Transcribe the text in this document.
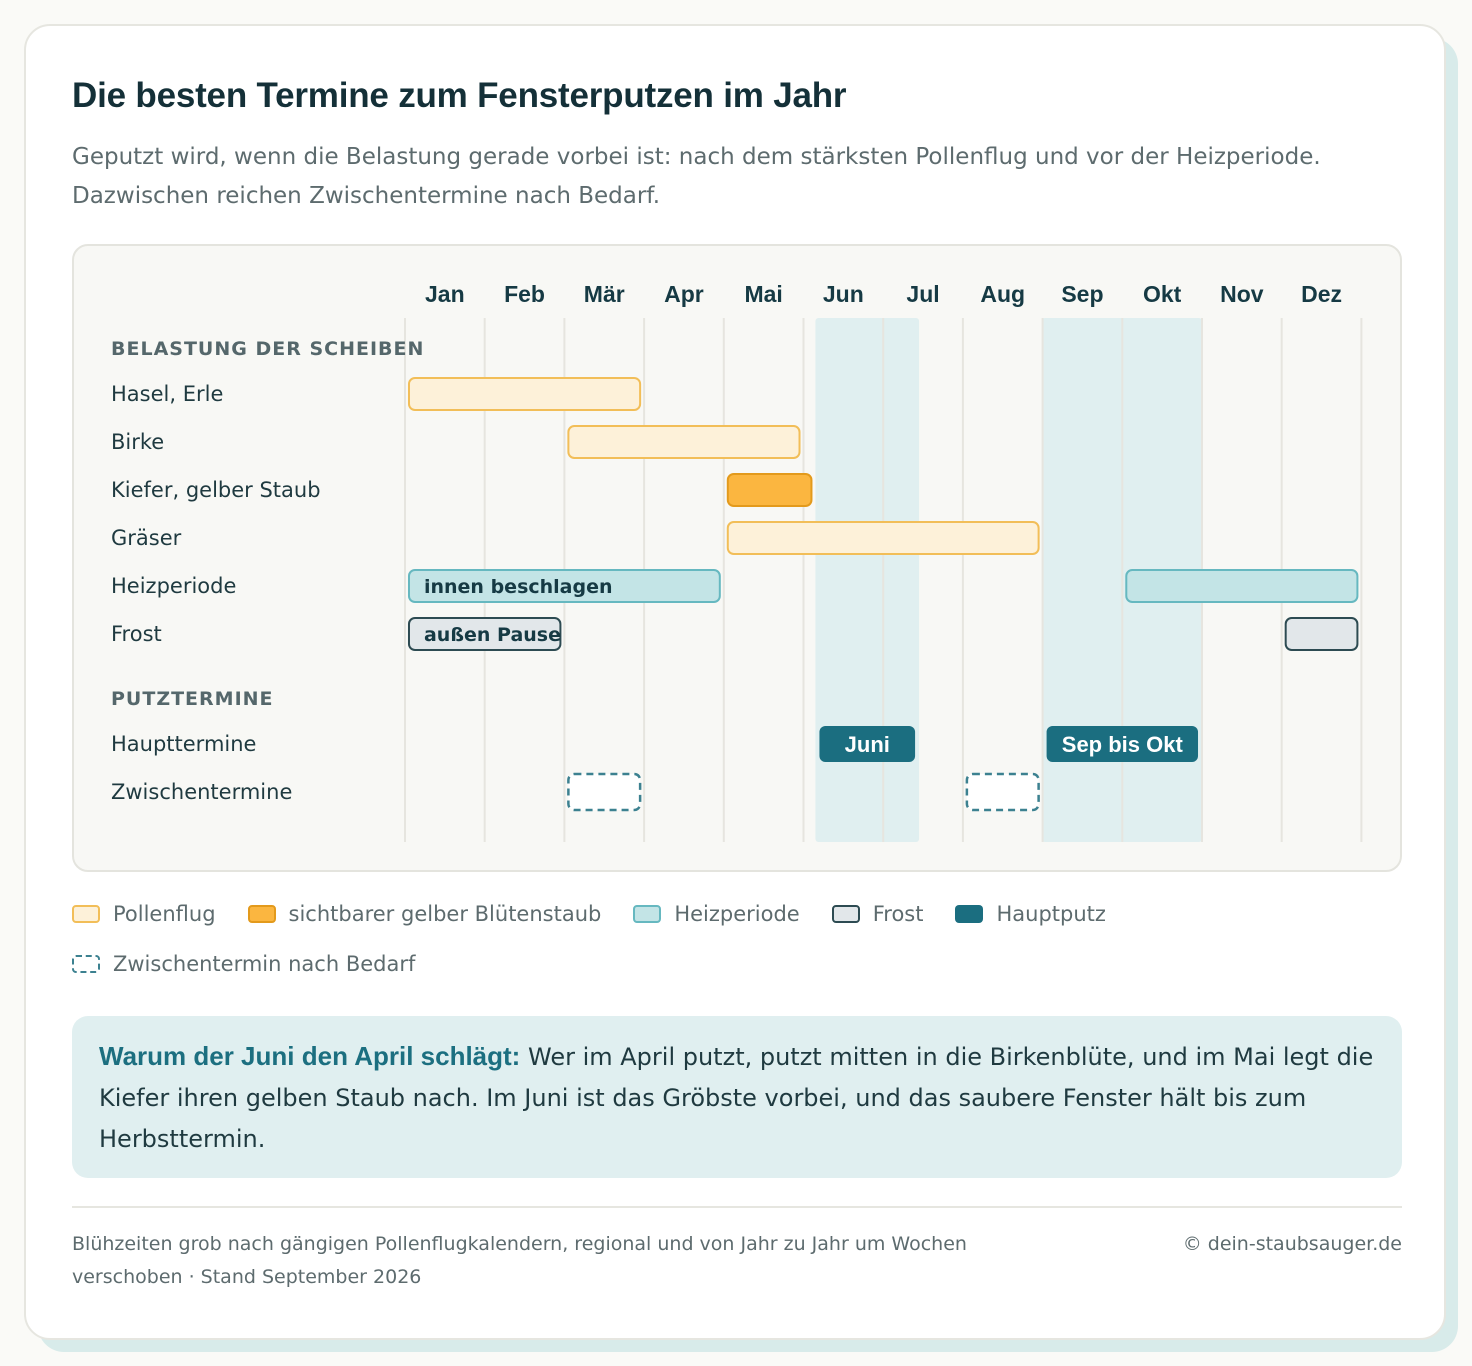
Die besten Termine zum Fensterputzen im Jahr

Geputzt wird, wenn die Belastung gerade vorbei ist: nach dem stärksten Pollenflug und vor der Heizperiode. Dazwischen reichen Zwischentermine nach Bedarf.

Jan Feb Mär Apr Mai Jun Jul Aug Sep Okt Nov Dez
BELASTUNG DER SCHEIBEN
Hasel, Erle
Birke
Kiefer, gelber Staub
Gräser
Heizperiode	innen beschlagen
Frost	außen Pause
PUTZTERMINE
Haupttermine	Juni	Sep bis Okt
Zwischentermine
Pollenflug	sichtbarer gelber Blütenstaub	Heizperiode	Frost	Hauptputz
Zwischentermin nach Bedarf
Warum der Juni den April schlägt: Wer im April putzt, putzt mitten in die Birkenblüte, und im Mai legt die Kiefer ihren gelben Staub nach. Im Juni ist das Gröbste vorbei, und das saubere Fenster hält bis zum Herbsttermin.

Blühzeiten grob nach gängigen Pollenflugkalendern, regional und von Jahr zu Jahr um Wochen verschoben · Stand September 2026

© dein-staubsauger.de
